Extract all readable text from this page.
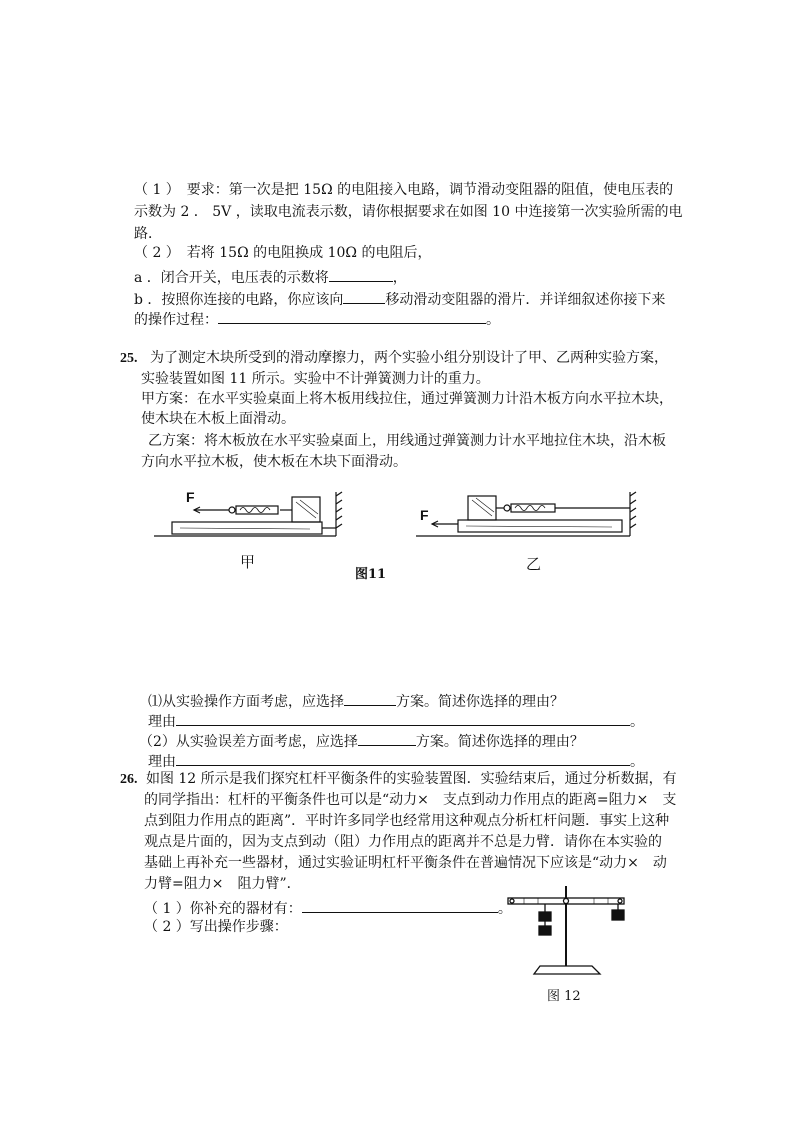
（ 1 ）　要求：第一次是把 15Ω 的电阻接入电路，调节滑动变阻器的阻值，使电压表的
示数为 2 ． 5V ，读取电流表示数，请你根据要求在如图 10 中连接第一次实验所需的电
路．
（ 2 ）　若将 15Ω 的电阻换成 10Ω 的电阻后，
a ．闭合开关，电压表的示数将	，
b ．按照你连接的电路，你应该向	移动滑动变阻器的滑片．并详细叙述你接下来
的操作过程：	。
25. 为了测定木块所受到的滑动摩擦力，两个实验小组分别设计了甲、乙两种实验方案，
实验装置如图 11 所示。实验中不计弹簧测力计的重力。
甲方案：在水平实验桌面上将木板用线拉住，通过弹簧测力计沿木板方向水平拉木块，
使木块在木板上面滑动。
乙方案：将木板放在水平实验桌面上，用线通过弹簧测力计水平地拉住木块，沿木板
方向水平拉木板，使木板在木块下面滑动。
F
甲
F
乙
图11
⑴从实验操作方面考虑，应选择	方案。简述你选择的理由？
理由	。
（2）从实验误差方面考虑，应选择	方案。简述你选择的理由？
理由	。
26. 如图 12 所示是我们探究杠杆平衡条件的实验装置图．实验结束后，通过分析数据，有
的同学指出：杠杆的平衡条件也可以是“动力×　支点到动力作用点的距离=阻力×　支
点到阻力作用点的距离”．平时许多同学也经常用这种观点分析杠杆问题．事实上这种
观点是片面的，因为支点到动（阻）力作用点的距离并不总是力臂．请你在本实验的
基础上再补充一些器材，通过实验证明杠杆平衡条件在普遍情况下应该是“动力×　动
力臂=阻力×　阻力臂”．
（ 1 ）你补充的器材有：	。
（ 2 ）写出操作步骤：
图 12
